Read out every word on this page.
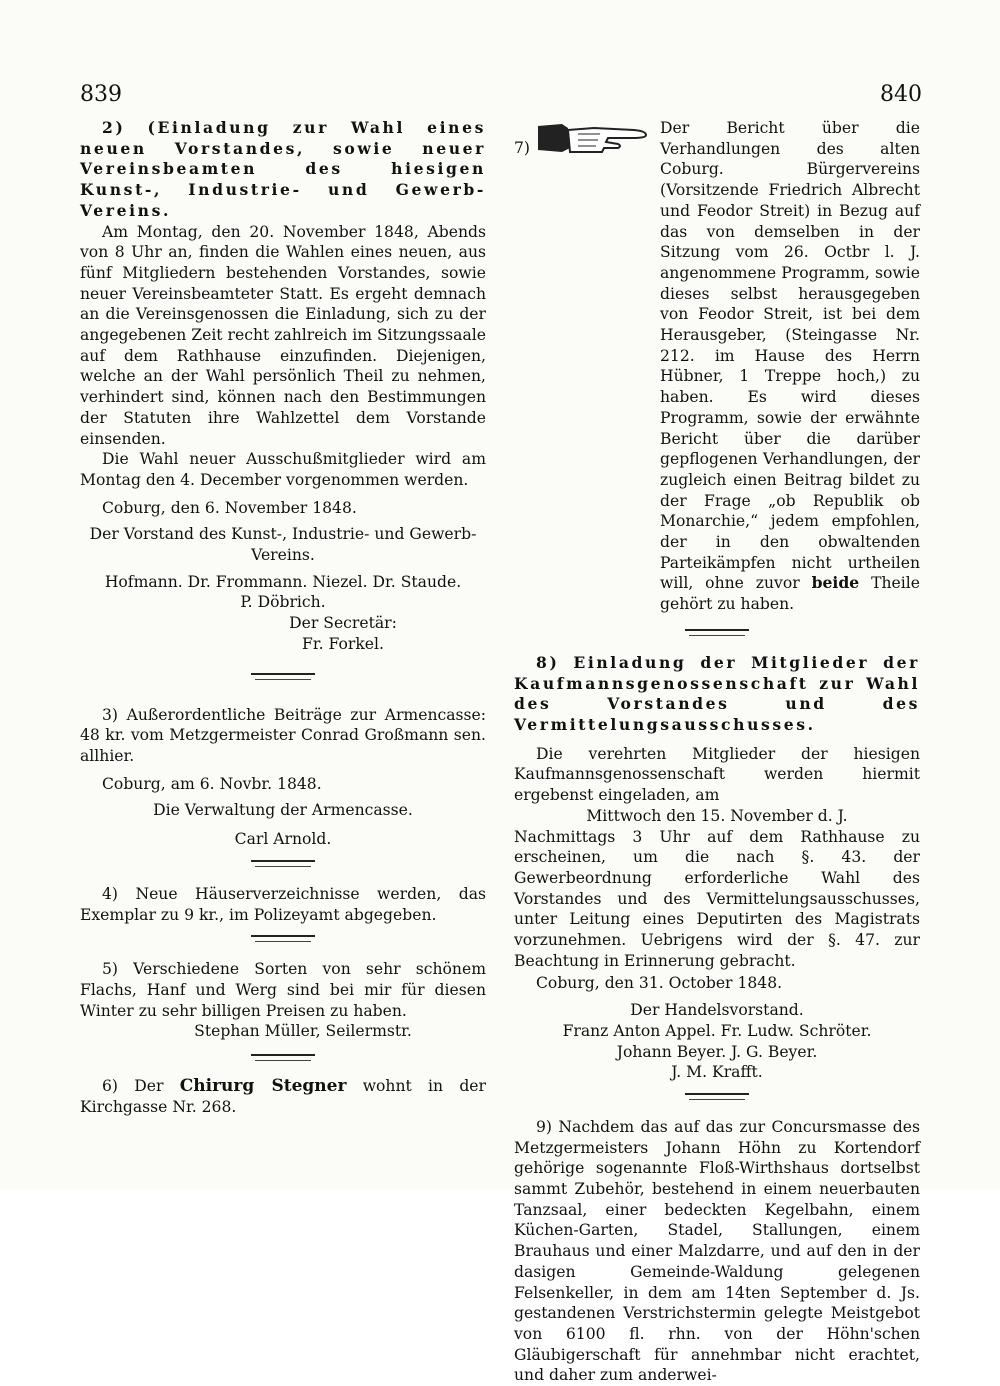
839	840

2) (Einladung zur Wahl eines neuen Vorstandes, sowie neuer Vereinsbeamten des hiesigen Kunst-, Industrie- und Gewerb-Vereins.

Am Montag, den 20. November 1848, Abends von 8 Uhr an, finden die Wahlen eines neuen, aus fünf Mitgliedern bestehenden Vorstandes, sowie neuer Vereinsbeamteter Statt. Es ergeht demnach an die Vereinsgenossen die Einladung, sich zu der angegebenen Zeit recht zahlreich im Sitzungssaale auf dem Rathhause einzufinden. Diejenigen, welche an der Wahl persönlich Theil zu nehmen, verhindert sind, können nach den Bestimmungen der Statuten ihre Wahlzettel dem Vorstande einsenden.

Die Wahl neuer Ausschußmitglieder wird am Montag den 4. December vorgenommen werden.

Coburg, den 6. November 1848.

Der Vorstand des Kunst-, Industrie- und Gewerb-Vereins.

Hofmann. Dr. Frommann. Niezel. Dr. Staude.

P. Döbrich.

Der Secretär:

Fr. Forkel.

3) Außerordentliche Beiträge zur Armencasse: 48 kr. vom Metzgermeister Conrad Großmann sen. allhier.

Coburg, am 6. Novbr. 1848.

Die Verwaltung der Armencasse.

Carl Arnold.

4) Neue Häuserverzeichnisse werden, das Exemplar zu 9 kr., im Polizeyamt abgegeben.

5) Verschiedene Sorten von sehr schönem Flachs, Hanf und Werg sind bei mir für diesen Winter zu sehr billigen Preisen zu haben.

Stephan Müller, Seilermstr.

6) Der Chirurg Stegner wohnt in der Kirchgasse Nr. 268.

7)

Der Bericht über die Verhandlungen des alten Coburg. Bürgervereins (Vorsitzende Friedrich Albrecht und Feodor Streit) in Bezug auf das von demselben in der Sitzung vom 26. Octbr l. J. angenommene Programm, sowie dieses selbst herausgegeben von Feodor Streit, ist bei dem Herausgeber, (Steingasse Nr. 212. im Hause des Herrn Hübner, 1 Treppe hoch,) zu haben. Es wird dieses Programm, sowie der erwähnte Bericht über die darüber gepflogenen Verhandlungen, der zugleich einen Beitrag bildet zu der Frage „ob Republik ob Monarchie,“ jedem empfohlen, der in den obwaltenden Parteikämpfen nicht urtheilen will, ohne zuvor beide Theile gehört zu haben.

8) Einladung der Mitglieder der Kaufmannsgenossenschaft zur Wahl des Vorstandes und des Vermittelungsausschusses.

Die verehrten Mitglieder der hiesigen Kaufmannsgenossenschaft werden hiermit ergebenst eingeladen, am

Mittwoch den 15. November d. J.

Nachmittags 3 Uhr auf dem Rathhause zu erscheinen, um die nach §. 43. der Gewerbeordnung erforderliche Wahl des Vorstandes und des Vermittelungsausschusses, unter Leitung eines Deputirten des Magistrats vorzunehmen. Uebrigens wird der §. 47. zur Beachtung in Erinnerung gebracht.

Coburg, den 31. October 1848.

Der Handelsvorstand.

Franz Anton Appel. Fr. Ludw. Schröter.

Johann Beyer. J. G. Beyer.

J. M. Krafft.

9) Nachdem das auf das zur Concursmasse des Metzgermeisters Johann Höhn zu Kortendorf gehörige sogenannte Floß-Wirthshaus dortselbst sammt Zubehör, bestehend in einem neuerbauten Tanzsaal, einer bedeckten Kegelbahn, einem Küchen-Garten, Stadel, Stallungen, einem Brauhaus und einer Malzdarre, und auf den in der dasigen Gemeinde-Waldung gelegenen Felsenkeller, in dem am 14ten September d. Js. gestandenen Verstrichstermin gelegte Meistgebot von 6100 fl. rhn. von der Höhn'schen Gläubigerschaft für annehmbar nicht erachtet, und daher zum anderwei-
